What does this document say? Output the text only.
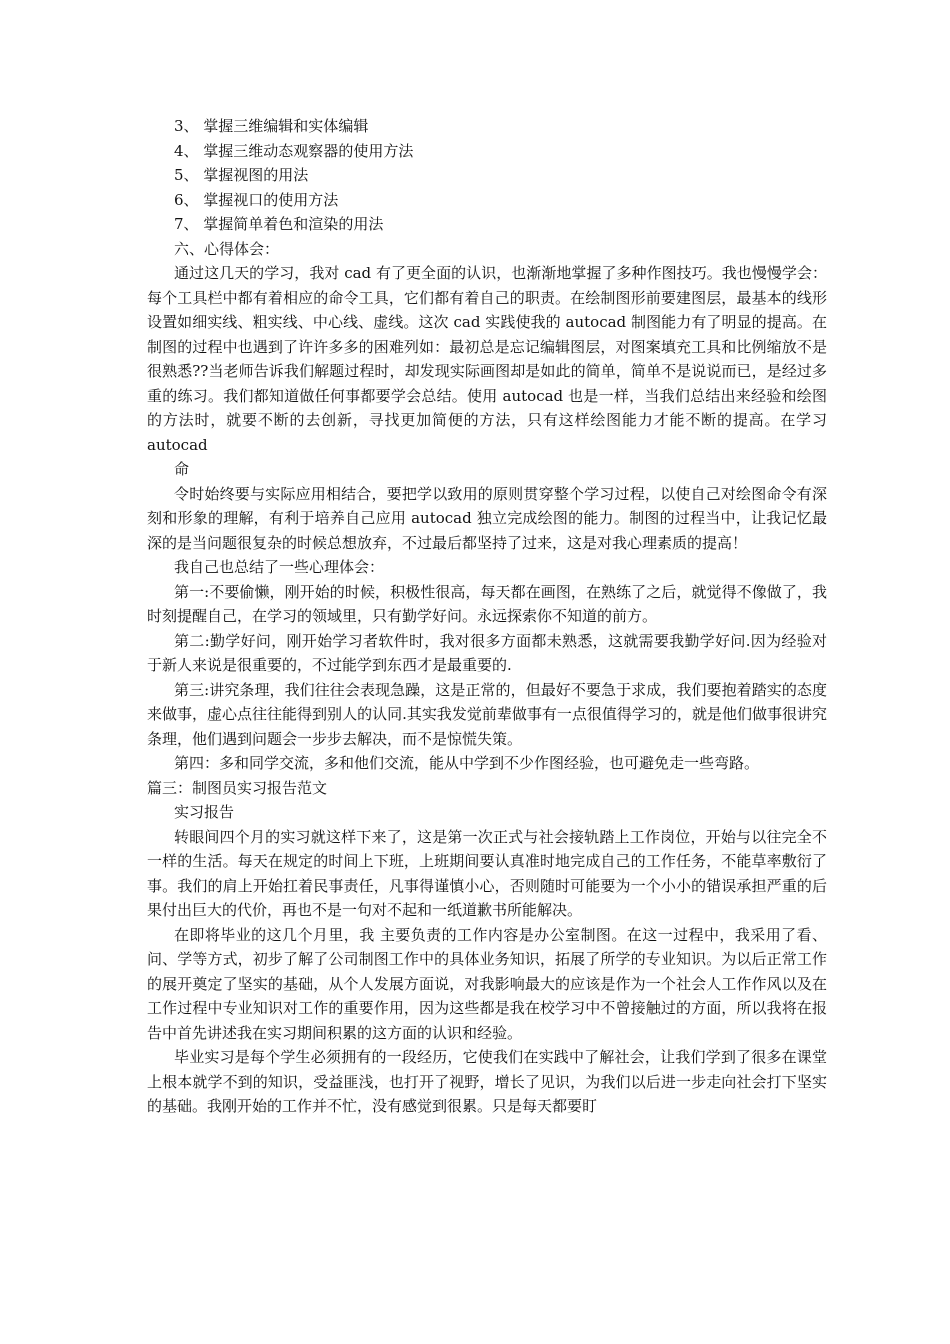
3、 掌握三维编辑和实体编辑
4、 掌握三维动态观察器的使用方法
5、 掌握视图的用法
6、 掌握视口的使用方法
7、 掌握简单着色和渲染的用法
六、心得体会：

通过这几天的学习，我对 cad 有了更全面的认识，也渐渐地掌握了多种作图技巧。我也慢慢学会：每个工具栏中都有着相应的命令工具，它们都有着自己的职责。在绘制图形前要建图层，最基本的线形设置如细实线、粗实线、中心线、虚线。这次 cad 实践使我的 autocad 制图能力有了明显的提高。在制图的过程中也遇到了许许多多的困难列如：最初总是忘记编辑图层，对图案填充工具和比例缩放不是很熟悉??当老师告诉我们解题过程时，却发现实际画图却是如此的简单，简单不是说说而已，是经过多重的练习。我们都知道做任何事都要学会总结。使用 autocad 也是一样，当我们总结出来经验和绘图的方法时，就要不断的去创新，寻找更加简便的方法，只有这样绘图能力才能不断的提高。在学习 autocad

命

令时始终要与实际应用相结合，要把学以致用的原则贯穿整个学习过程，以使自己对绘图命令有深刻和形象的理解，有利于培养自己应用 autocad 独立完成绘图的能力。制图的过程当中，让我记忆最深的是当问题很复杂的时候总想放弃，不过最后都坚持了过来，这是对我心理素质的提高！

我自己也总结了一些心理体会：

第一:不要偷懒，刚开始的时候，积极性很高，每天都在画图，在熟练了之后，就觉得不像做了，我时刻提醒自己，在学习的领域里，只有勤学好问。永远探索你不知道的前方。

第二:勤学好问，刚开始学习者软件时，我对很多方面都未熟悉，这就需要我勤学好问.因为经验对于新人来说是很重要的，不过能学到东西才是最重要的.

第三:讲究条理，我们往往会表现急躁，这是正常的，但最好不要急于求成，我们要抱着踏实的态度来做事，虚心点往往能得到别人的认同.其实我发觉前辈做事有一点很值得学习的，就是他们做事很讲究条理，他们遇到问题会一步步去解决，而不是惊慌失策。

第四：多和同学交流，多和他们交流，能从中学到不少作图经验，也可避免走一些弯路。

篇三：制图员实习报告范文
实习报告

转眼间四个月的实习就这样下来了，这是第一次正式与社会接轨踏上工作岗位，开始与以往完全不一样的生活。每天在规定的时间上下班，上班期间要认真准时地完成自己的工作任务，不能草率敷衍了事。我们的肩上开始扛着民事责任，凡事得谨慎小心，否则随时可能要为一个小小的错误承担严重的后果付出巨大的代价，再也不是一句对不起和一纸道歉书所能解决。

在即将毕业的这几个月里，我 主要负责的工作内容是办公室制图。在这一过程中，我采用了看、问、学等方式，初步了解了公司制图工作中的具体业务知识，拓展了所学的专业知识。为以后正常工作的展开奠定了坚实的基础，从个人发展方面说，对我影响最大的应该是作为一个社会人工作作风以及在工作过程中专业知识对工作的重要作用，因为这些都是我在校学习中不曾接触过的方面，所以我将在报告中首先讲述我在实习期间积累的这方面的认识和经验。

毕业实习是每个学生必须拥有的一段经历，它使我们在实践中了解社会，让我们学到了很多在课堂上根本就学不到的知识，受益匪浅，也打开了视野，增长了见识，为我们以后进一步走向社会打下坚实的基础。我刚开始的工作并不忙，没有感觉到很累。只是每天都要盯
